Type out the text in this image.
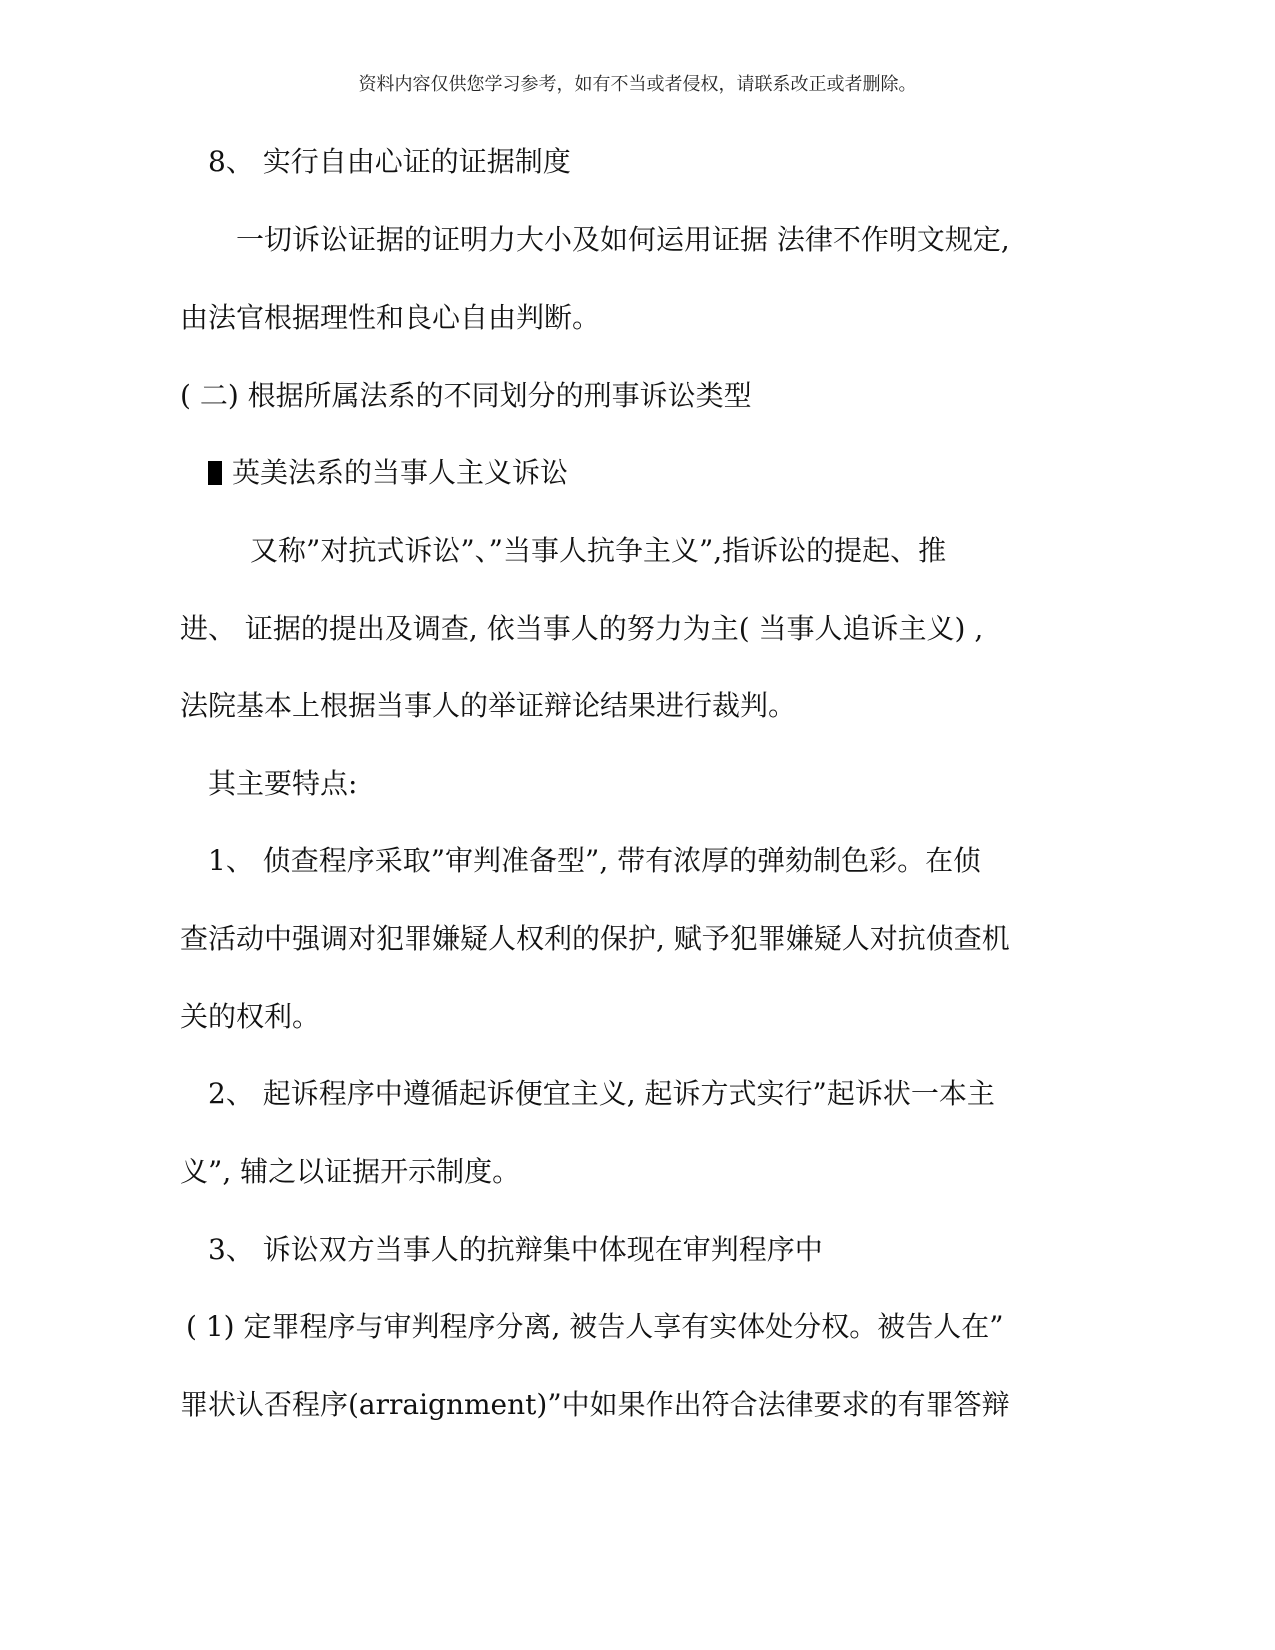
资料内容仅供您学习参考，如有不当或者侵权，请联系改正或者删除。
8、 实行自由心证的证据制度
一切诉讼证据的证明力大小及如何运用证据 法律不作明文规定,
由法官根据理性和良心自由判断。
( 二) 根据所属法系的不同划分的刑事诉讼类型
英美法系的当事人主义诉讼
又称”对抗式诉讼”、”当事人抗争主义”,指诉讼的提起、推
进、 证据的提出及调查, 依当事人的努力为主( 当事人追诉主义) ,
法院基本上根据当事人的举证辩论结果进行裁判。
其主要特点:
1、 侦查程序采取”审判准备型”, 带有浓厚的弹劾制色彩。在侦
查活动中强调对犯罪嫌疑人权利的保护, 赋予犯罪嫌疑人对抗侦查机
关的权利。
2、 起诉程序中遵循起诉便宜主义, 起诉方式实行”起诉状一本主
义”, 辅之以证据开示制度。
3、 诉讼双方当事人的抗辩集中体现在审判程序中
( 1) 定罪程序与审判程序分离, 被告人享有实体处分权。被告人在”
罪状认否程序(arraignment)”中如果作出符合法律要求的有罪答辩
